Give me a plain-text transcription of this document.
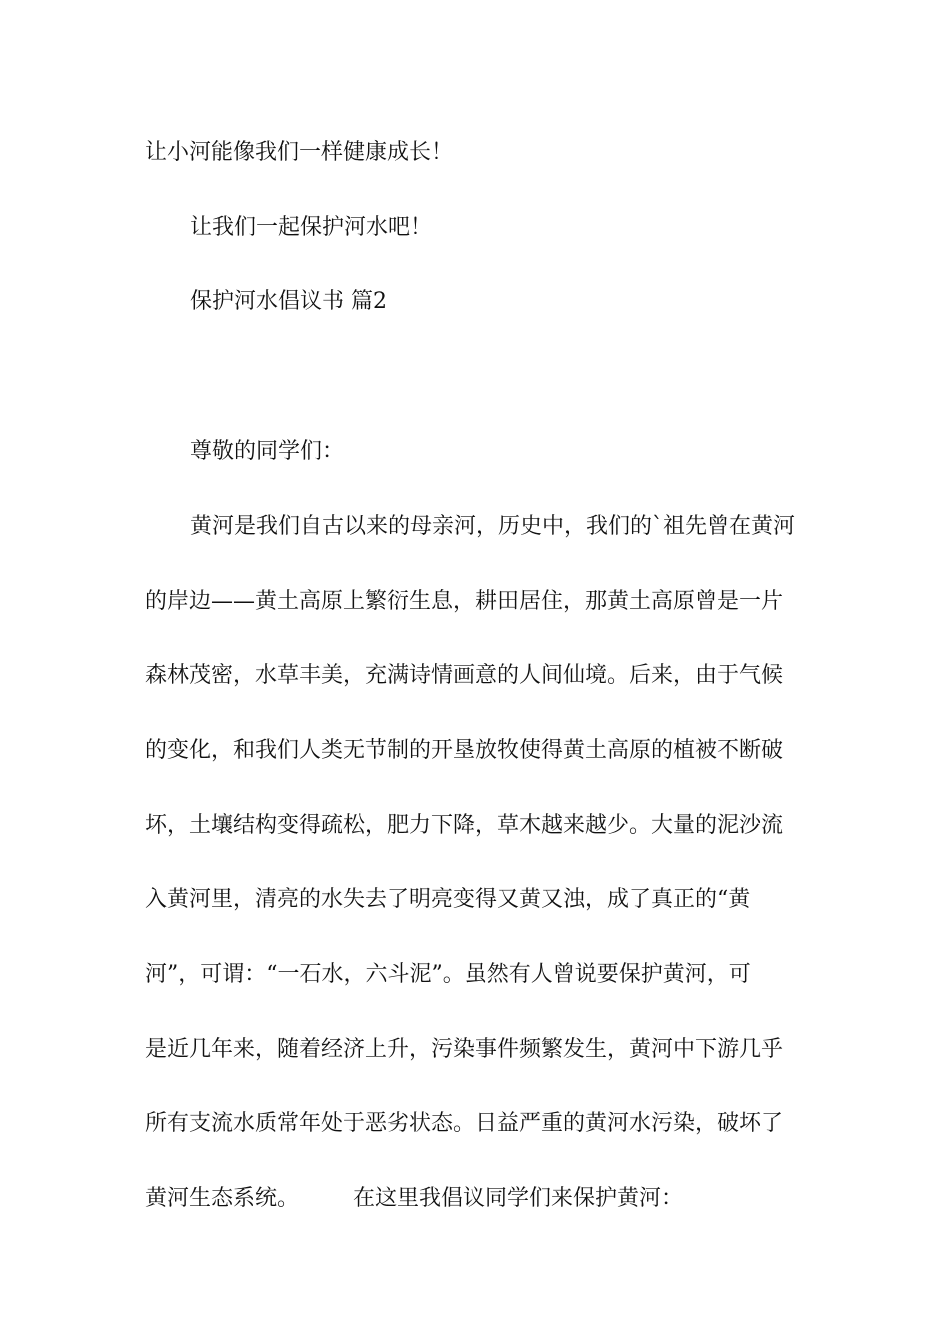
让小河能像我们一样健康成长！
让我们一起保护河水吧！
保护河水倡议书 篇2
尊敬的同学们：
黄河是我们自古以来的母亲河，历史中，我们的`祖先曾在黄河
的岸边——黄土高原上繁衍生息，耕田居住，那黄土高原曾是一片
森林茂密，水草丰美，充满诗情画意的人间仙境。后来，由于气候
的变化，和我们人类无节制的开垦放牧使得黄土高原的植被不断破
坏，土壤结构变得疏松，肥力下降，草木越来越少。大量的泥沙流
入黄河里，清亮的水失去了明亮变得又黄又浊，成了真正的“黄
河”，可谓：“一石水，六斗泥”。虽然有人曾说要保护黄河，可
是近几年来，随着经济上升，污染事件频繁发生，黄河中下游几乎
所有支流水质常年处于恶劣状态。日益严重的黄河水污染，破坏了
黄河生态系统。 在这里我倡议同学们来保护黄河：
